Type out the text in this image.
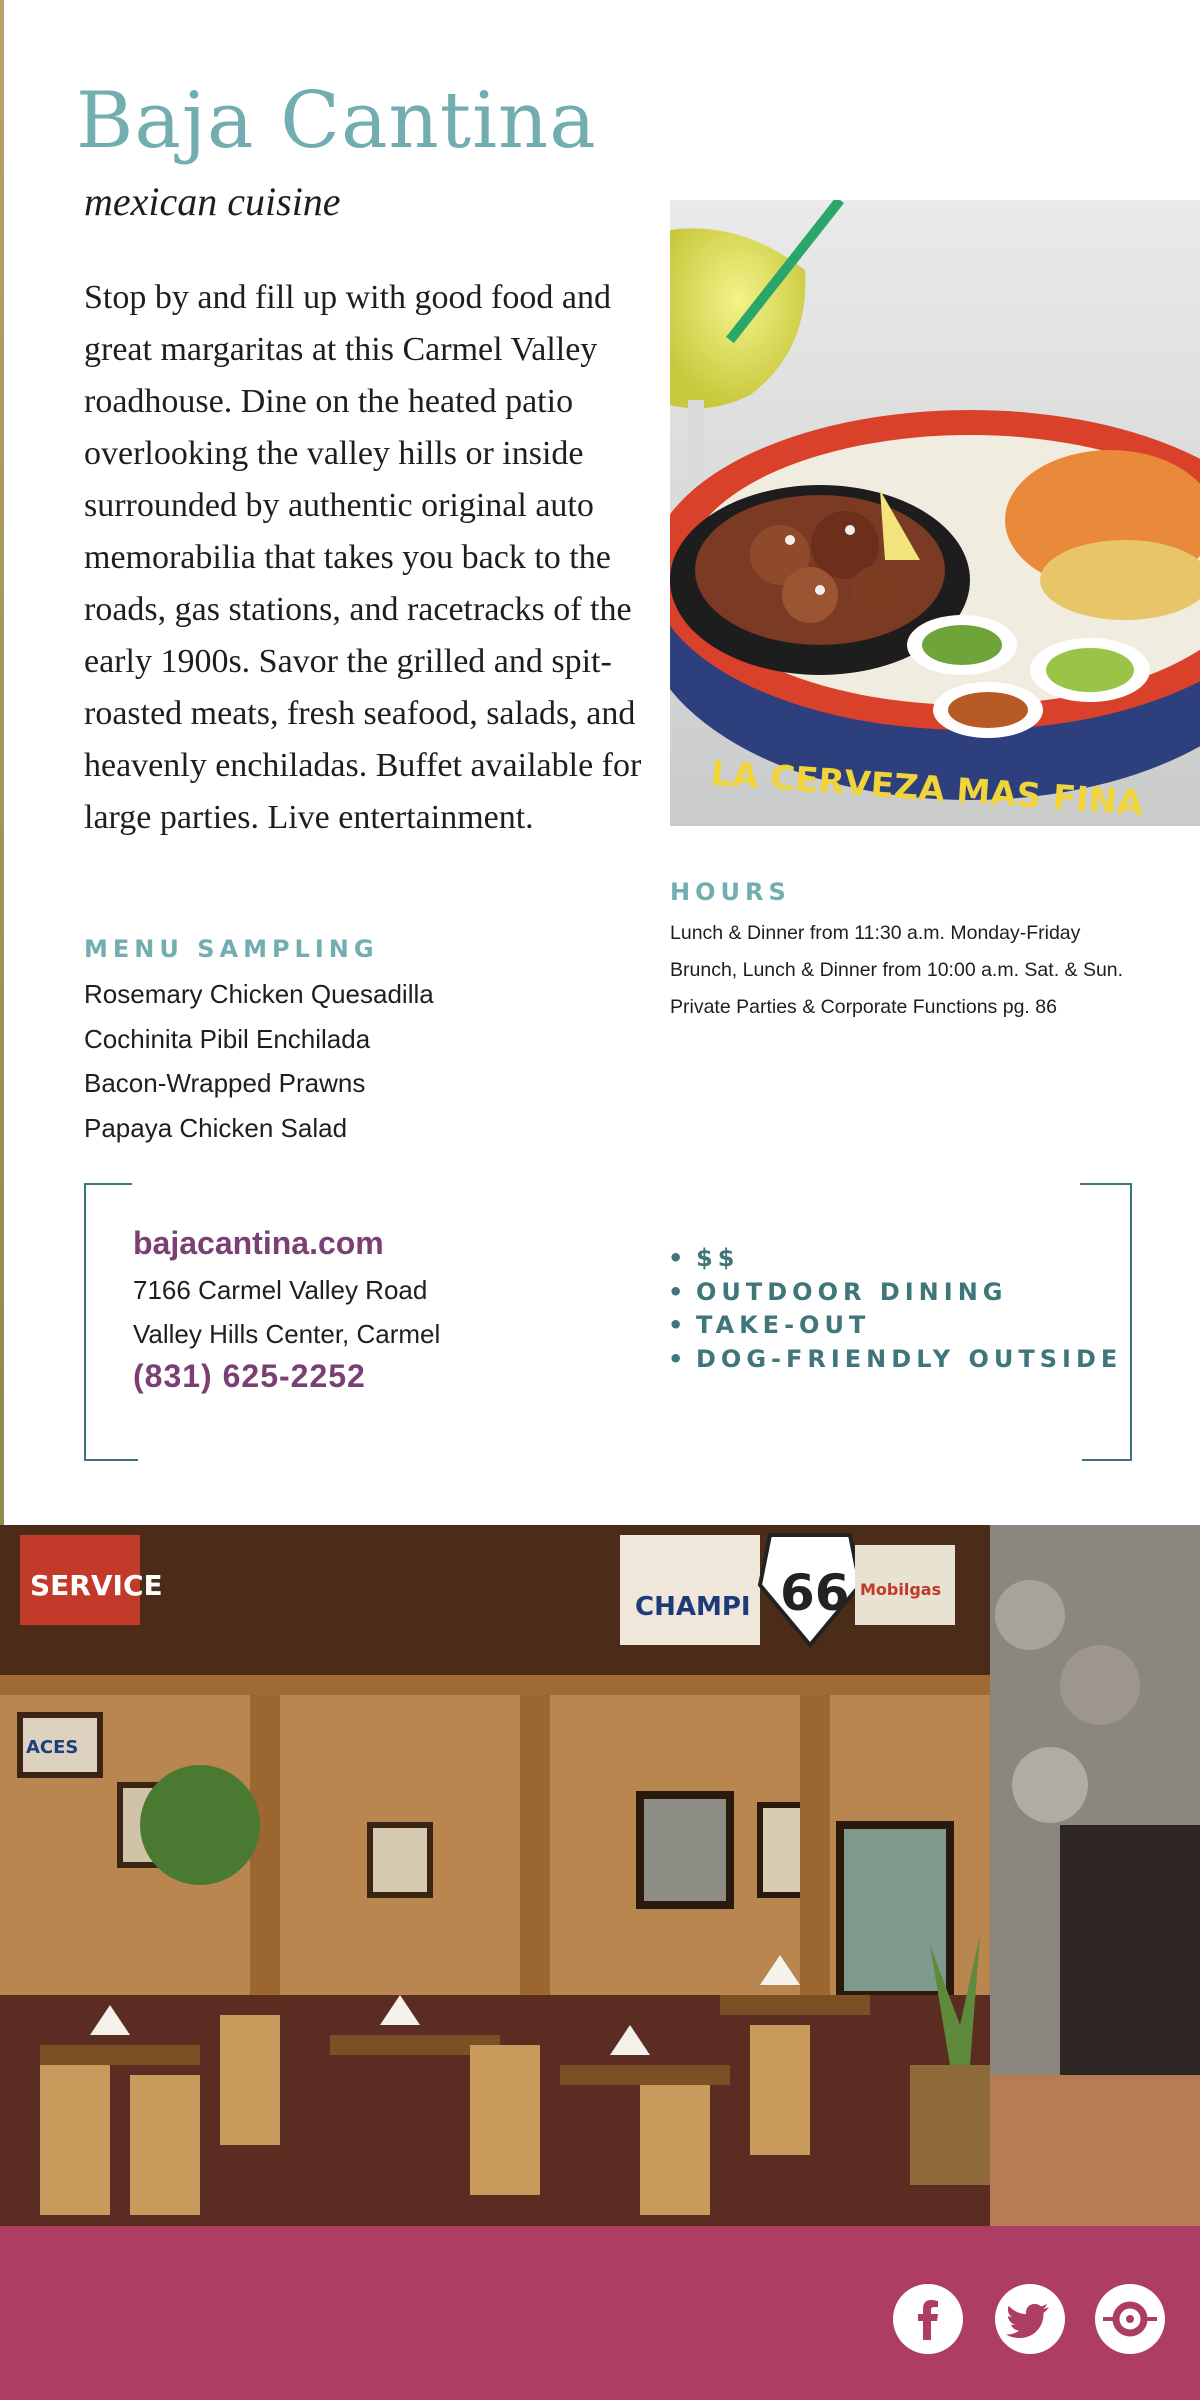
Baja Cantina
mexican cuisine

Stop by and fill up with good food and great margaritas at this Carmel Valley roadhouse. Dine on the heated patio overlooking the valley hills or inside surrounded by authentic original auto memorabilia that takes you back to the roads, gas stations, and racetracks of the early 1900s. Savor the grilled and spit-roasted meats, fresh seafood, salads, and heavenly enchiladas. Buffet available for large parties. Live entertainment.

MENU SAMPLING
Rosemary Chicken Quesadilla
Cochinita Pibil Enchilada
Bacon-Wrapped Prawns
Papaya Chicken Salad
LA CERVEZA MAS FINA
HOURS
Lunch & Dinner from 11:30 a.m. Monday-Friday
Brunch, Lunch & Dinner from 10:00 a.m. Sat. & Sun.
Private Parties & Corporate Functions pg. 86
bajacantina.com
7166 Carmel Valley Road
Valley Hills Center, Carmel
(831) 625-2252
• $$
• OUTDOOR DINING
• TAKE-OUT
• DOG-FRIENDLY OUTSIDE
SERVICE
CHAMPI 66 Mobilgas
ACES
